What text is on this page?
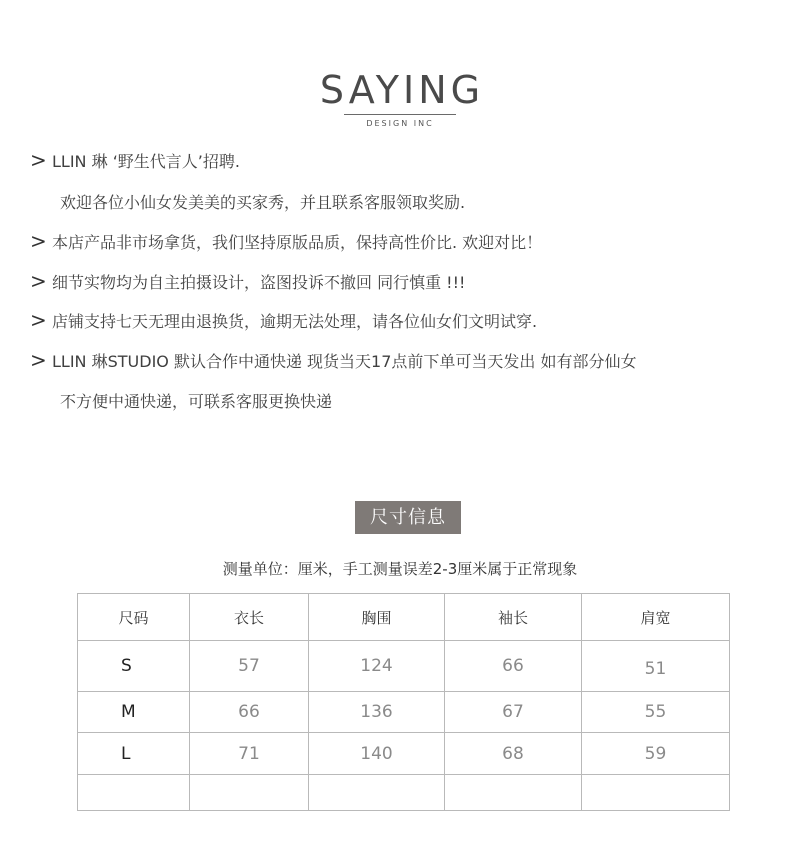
SAYING
DESIGN INC
> LLIN 琳 ‘野生代言人’招聘.
欢迎各位小仙女发美美的买家秀，并且联系客服领取奖励.
> 本店产品非市场拿货，我们坚持原版品质，保持高性价比. 欢迎对比！
> 细节实物均为自主拍摄设计，盗图投诉不撤回 同行慎重 !!!
> 店铺支持七天无理由退换货，逾期无法处理，请各位仙女们文明试穿.
> LLIN 琳STUDIO 默认合作中通快递 现货当天17点前下单可当天发出 如有部分仙女
不方便中通快递，可联系客服更换快递
尺寸信息
测量单位：厘米，手工测量误差2-3厘米属于正常现象
尺码	衣长	胸围	袖长	肩宽
S	57	124	66	51
M	66	136	67	55
L	71	140	68	59
